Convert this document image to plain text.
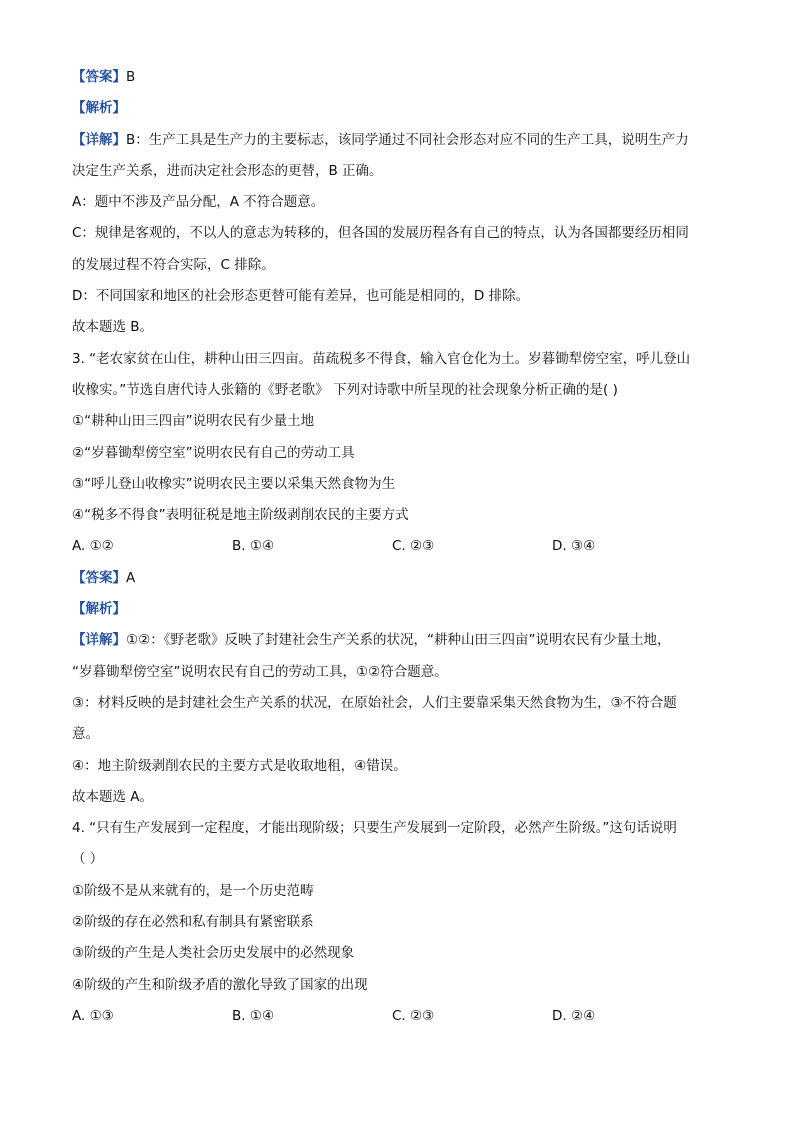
【答案】B
【解析】
【详解】B：生产工具是生产力的主要标志，该同学通过不同社会形态对应不同的生产工具，说明生产力
决定生产关系，进而决定社会形态的更替，B 正确。
A：题中不涉及产品分配，A 不符合题意。
C：规律是客观的，不以人的意志为转移的，但各国的发展历程各有自己的特点，认为各国都要经历相同
的发展过程不符合实际，C 排除。
D：不同国家和地区的社会形态更替可能有差异，也可能是相同的，D 排除。
故本题选 B。
3. “老农家贫在山住，耕种山田三四亩。苗疏税多不得食，输入官仓化为土。岁暮锄犁傍空室，呼儿登山
收橡实。”节选自唐代诗人张籍的《野老歌》 下列对诗歌中所呈现的社会现象分析正确的是( )
①“耕种山田三四亩”说明农民有少量土地
②“岁暮锄犁傍空室”说明农民有自己的劳动工具
③“呼儿登山收橡实”说明农民主要以采集天然食物为生
④“税多不得食”表明征税是地主阶级剥削农民的主要方式
A. ①②	B. ①④	C. ②③	D. ③④
【答案】A
【解析】
【详解】①②：《野老歌》反映了封建社会生产关系的状况，“耕种山田三四亩”说明农民有少量土地，
“岁暮锄犁傍空室”说明农民有自己的劳动工具，①②符合题意。
③：材料反映的是封建社会生产关系的状况，在原始社会，人们主要靠采集天然食物为生，③不符合题
意。
④：地主阶级剥削农民的主要方式是收取地租，④错误。
故本题选 A。
4. “只有生产发展到一定程度，才能出现阶级；只要生产发展到一定阶段，必然产生阶级。”这句话说明
（ ）
①阶级不是从来就有的，是一个历史范畴
②阶级的存在必然和私有制具有紧密联系
③阶级的产生是人类社会历史发展中的必然现象
④阶级的产生和阶级矛盾的激化导致了国家的出现
A. ①③	B. ①④	C. ②③	D. ②④
